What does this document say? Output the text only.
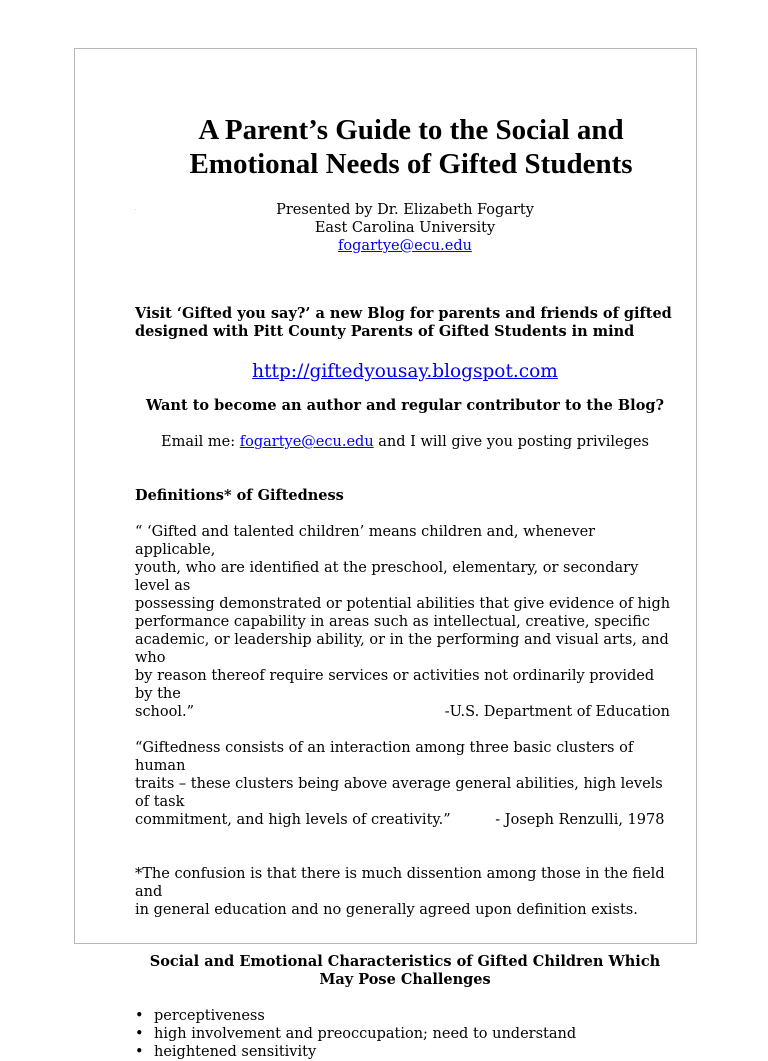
.
A Parent’s Guide to the Social and
Emotional Needs of Gifted Students
Presented by Dr. Elizabeth Fogarty
East Carolina University
fogartye@ecu.edu
Visit ‘Gifted you say?’ a new Blog for parents and friends of gifted
designed with Pitt County Parents of Gifted Students in mind
http://giftedyousay.blogspot.com
Want to become an author and regular contributor to the Blog?
Email me: fogartye@ecu.edu and I will give you posting privileges
Definitions* of Giftedness
“ ‘Gifted and talented children’ means children and, whenever applicable,
youth, who are identified at the preschool, elementary, or secondary level as
possessing demonstrated or potential abilities that give evidence of high
performance capability in areas such as intellectual, creative, specific
academic, or leadership ability, or in the performing and visual arts, and who
by reason thereof require services or activities not ordinarily provided by the
school.”	-U.S. Department of Education
“Giftedness consists of an interaction among three basic clusters of human
traits – these clusters being above average general abilities, high levels of task
commitment, and high levels of creativity.”	- Joseph Renzulli, 1978
*The confusion is that there is much dissention among those in the field and
in general education and no generally agreed upon definition exists.
Social and Emotional Characteristics of Gifted Children Which
May Pose Challenges
• perceptiveness
• high involvement and preoccupation; need to understand
• heightened sensitivity
